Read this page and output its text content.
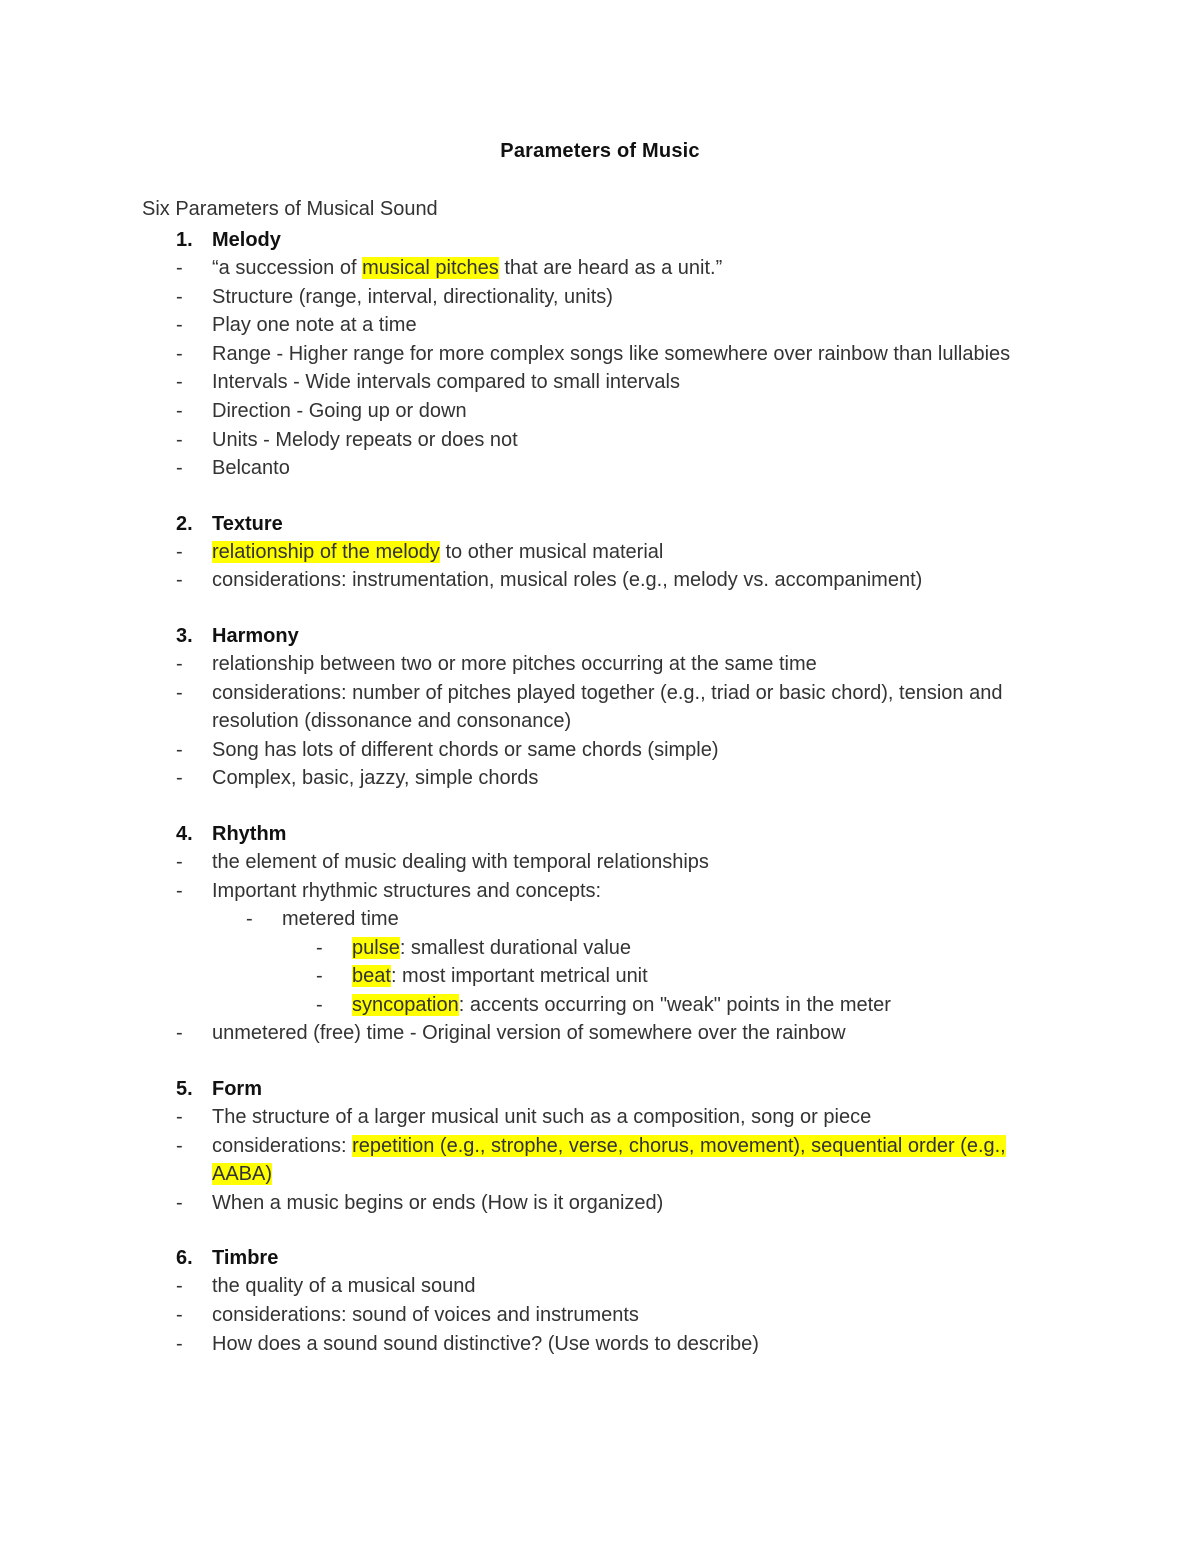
Parameters of Music
Six Parameters of Musical Sound
1. Melody
- “a succession of musical pitches that are heard as a unit.”
- Structure (range, interval, directionality, units)
- Play one note at a time
- Range - Higher range for more complex songs like somewhere over rainbow than lullabies
- Intervals - Wide intervals compared to small intervals
- Direction - Going up or down
- Units - Melody repeats or does not
- Belcanto
2. Texture
- relationship of the melody to other musical material
- considerations: instrumentation, musical roles (e.g., melody vs. accompaniment)
3. Harmony
- relationship between two or more pitches occurring at the same time
- considerations: number of pitches played together (e.g., triad or basic chord), tension and resolution (dissonance and consonance)
- Song has lots of different chords or same chords (simple)
- Complex, basic, jazzy, simple chords
4. Rhythm
- the element of music dealing with temporal relationships
- Important rhythmic structures and concepts:
- metered time
- pulse: smallest durational value
- beat: most important metrical unit
- syncopation: accents occurring on "weak" points in the meter
- unmetered (free) time - Original version of somewhere over the rainbow
5. Form
- The structure of a larger musical unit such as a composition, song or piece
- considerations: repetition (e.g., strophe, verse, chorus, movement), sequential order (e.g., AABA)
- When a music begins or ends (How is it organized)
6. Timbre
- the quality of a musical sound
- considerations: sound of voices and instruments
- How does a sound sound distinctive? (Use words to describe)
